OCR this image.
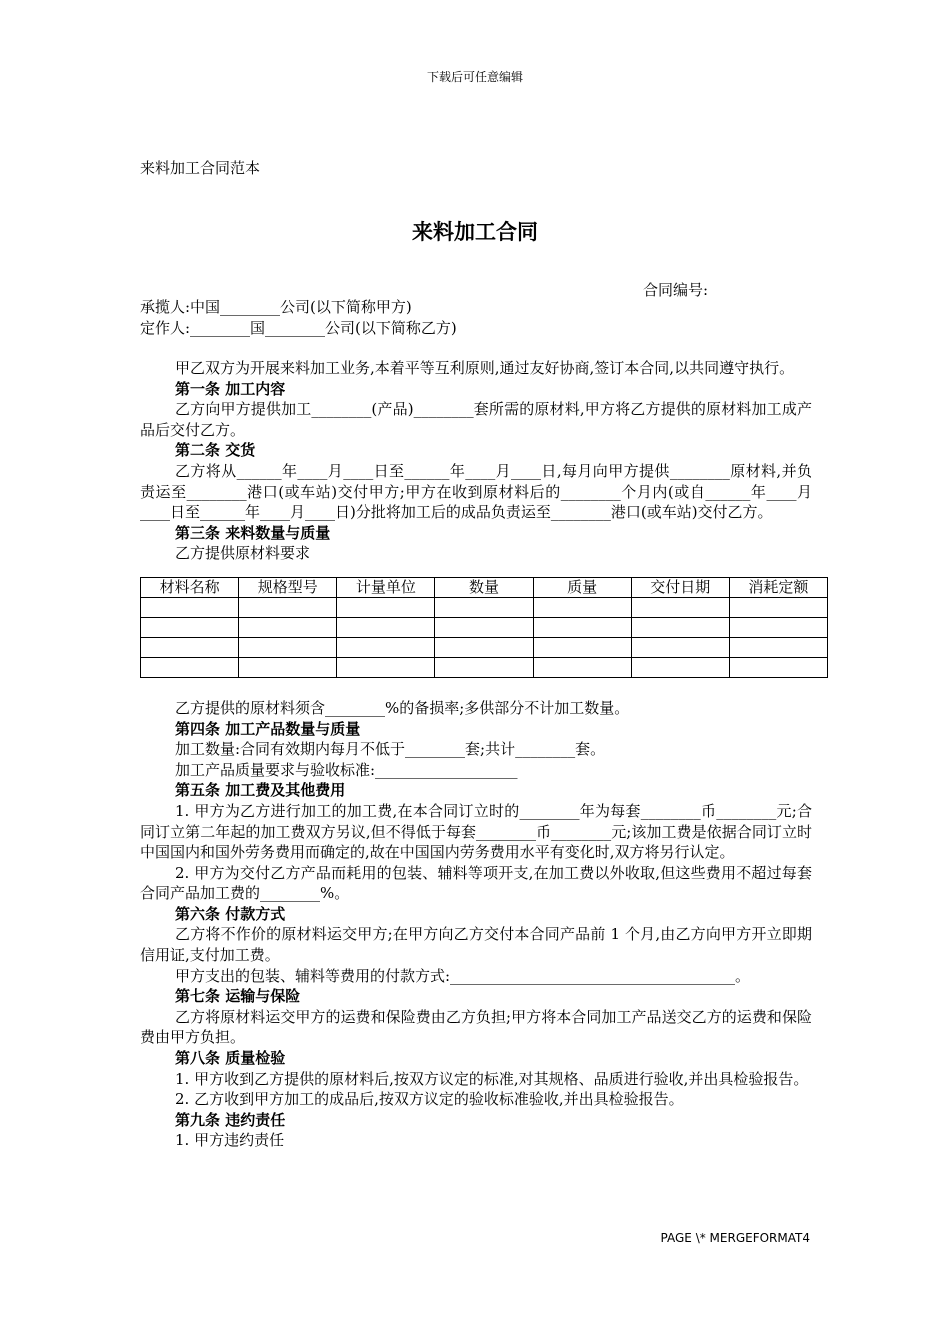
下载后可任意编辑
来料加工合同范本
来料加工合同
合同编号:
承揽人:中国________公司(以下简称甲方)
定作人:________国________公司(以下简称乙方)

甲乙双方为开展来料加工业务,本着平等互利原则,通过友好协商,签订本合同,以共同遵守执行。

第一条 加工内容

乙方向甲方提供加工________(产品)________套所需的原材料,甲方将乙方提供的原材料加工成产品后交付乙方。

第二条 交货

乙方将从______年____月____日至______年____月____日,每月向甲方提供________原材料,并负责运至________港口(或车站)交付甲方;甲方在收到原材料后的________个月内(或自______年____月____日至______年____月____日)分批将加工后的成品负责运至________港口(或车站)交付乙方。

第三条 来料数量与质量

乙方提供原材料要求

材料名称	规格型号	计量单位	数量	质量	交付日期	消耗定额

乙方提供的原材料须含________%的备损率;多供部分不计加工数量。

第四条 加工产品数量与质量

加工数量:合同有效期内每月不低于________套;共计________套。

加工产品质量要求与验收标准:___________________

第五条 加工费及其他费用

1. 甲方为乙方进行加工的加工费,在本合同订立时的________年为每套________币________元;合同订立第二年起的加工费双方另议,但不得低于每套________币________元;该加工费是依据合同订立时中国国内和国外劳务费用而确定的,故在中国国内劳务费用水平有变化时,双方将另行认定。

2. 甲方为交付乙方产品而耗用的包装、辅料等项开支,在加工费以外收取,但这些费用不超过每套合同产品加工费的________%。

第六条 付款方式

乙方将不作价的原材料运交甲方;在甲方向乙方交付本合同产品前 1 个月,由乙方向甲方开立即期信用证,支付加工费。

甲方支出的包装、辅料等费用的付款方式:______________________________________。

第七条 运输与保险

乙方将原材料运交甲方的运费和保险费由乙方负担;甲方将本合同加工产品送交乙方的运费和保险费由甲方负担。

第八条 质量检验

1. 甲方收到乙方提供的原材料后,按双方议定的标准,对其规格、品质进行验收,并出具检验报告。

2. 乙方收到甲方加工的成品后,按双方议定的验收标准验收,并出具检验报告。

第九条 违约责任

1. 甲方违约责任

PAGE \* MERGEFORMAT4
